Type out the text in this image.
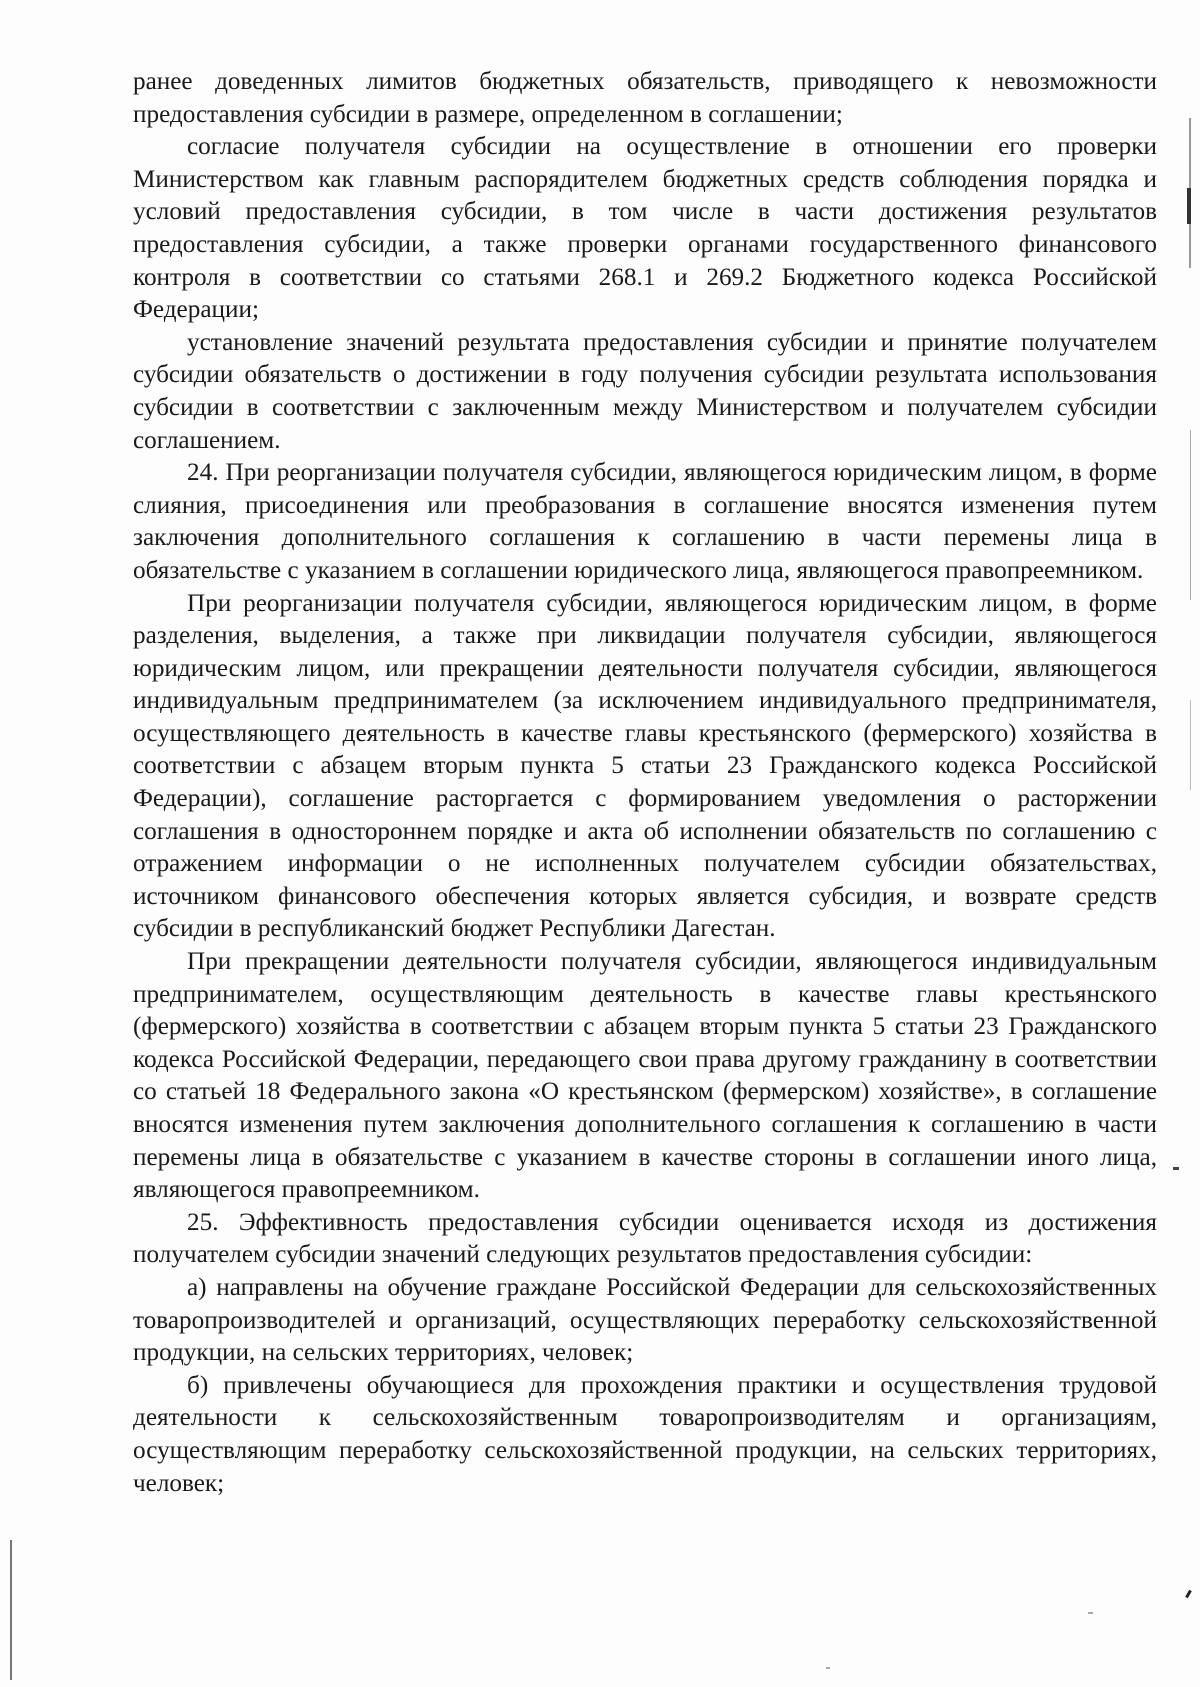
ранее доведенных лимитов бюджетных обязательств, приводящего к невозможности предоставления субсидии в размере, определенном в соглашении;

согласие получателя субсидии на осуществление в отношении его проверки Министерством как главным распорядителем бюджетных средств соблюдения порядка и условий предоставления субсидии, в том числе в части достижения результатов предоставления субсидии, а также проверки органами государственного финансового контроля в соответствии со статьями 268.1 и 269.2 Бюджетного кодекса Российской Федерации;

установление значений результата предоставления субсидии и принятие получателем субсидии обязательств о достижении в году получения субсидии результата использования субсидии в соответствии с заключенным между Министерством и получателем субсидии соглашением.

24. При реорганизации получателя субсидии, являющегося юридическим лицом, в форме слияния, присоединения или преобразования в соглашение вносятся изменения путем заключения дополнительного соглашения к соглашению в части перемены лица в обязательстве с указанием в соглашении юридического лица, являющегося правопреемником.

При реорганизации получателя субсидии, являющегося юридическим лицом, в форме разделения, выделения, а также при ликвидации получателя субсидии, являющегося юридическим лицом, или прекращении деятельности получателя субсидии, являющегося индивидуальным предпринимателем (за исключением индивидуального предпринимателя, осуществляющего деятельность в качестве главы крестьянского (фермерского) хозяйства в соответствии с абзацем вторым пункта 5 статьи 23 Гражданского кодекса Российской Федерации), соглашение расторгается с формированием уведомления о расторжении соглашения в одностороннем порядке и акта об исполнении обязательств по соглашению с отражением информации о не исполненных получателем субсидии обязательствах, источником финансового обеспечения которых является субсидия, и возврате средств субсидии в республиканский бюджет Республики Дагестан.

При прекращении деятельности получателя субсидии, являющегося индивидуальным предпринимателем, осуществляющим деятельность в качестве главы крестьянского (фермерского) хозяйства в соответствии с абзацем вторым пункта 5 статьи 23 Гражданского кодекса Российской Федерации, передающего свои права другому гражданину в соответствии со статьей 18 Федерального закона «О крестьянском (фермерском) хозяйстве», в соглашение вносятся изменения путем заключения дополнительного соглашения к соглашению в части перемены лица в обязательстве с указанием в качестве стороны в соглашении иного лица, являющегося правопреемником.

25. Эффективность предоставления субсидии оценивается исходя из достижения получателем субсидии значений следующих результатов предоставления субсидии:

а) направлены на обучение граждане Российской Федерации для сельскохозяйственных товаропроизводителей и организаций, осуществляющих переработку сельскохозяйственной продукции, на сельских территориях, человек;

б) привлечены обучающиеся для прохождения практики и осуществления трудовой деятельности к сельскохозяйственным товаропроизводителям и организациям, осуществляющим переработку сельскохозяйственной продукции, на сельских территориях, человек;
